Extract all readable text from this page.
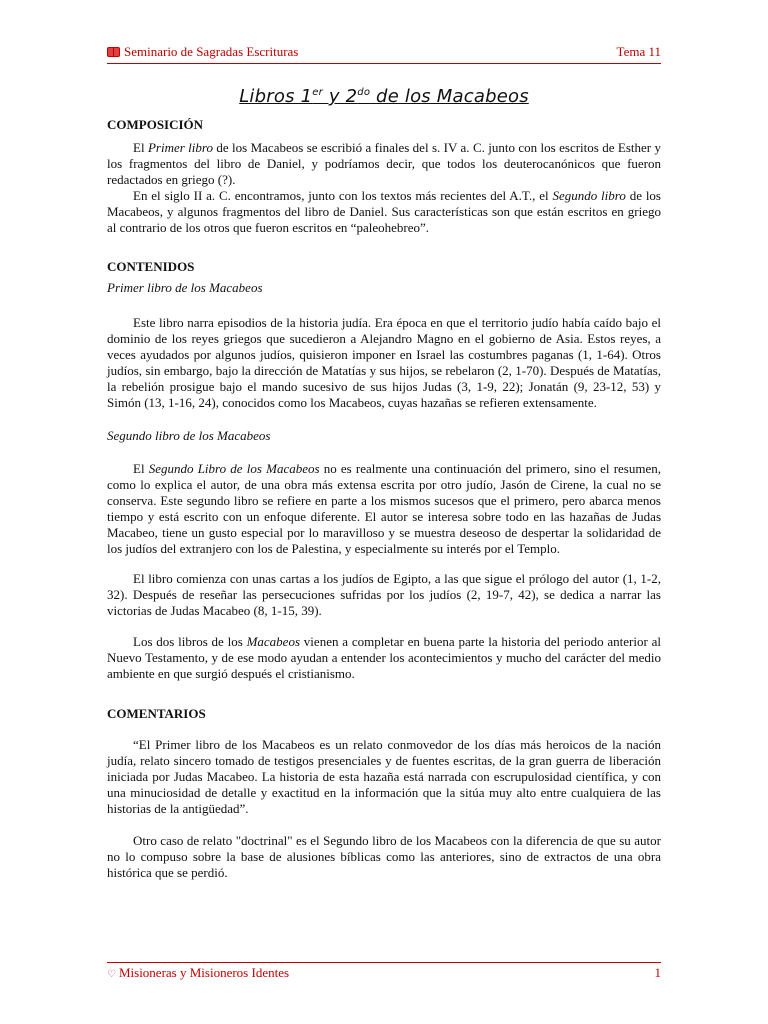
Seminario de Sagradas Escrituras	Tema 11
Libros 1er y $2^{do}$ de los Macabeos
COMPOSICIÓN

El Primer libro de los Macabeos se escribió a finales del s. IV a. C. junto con los escritos de Esther y los fragmentos del libro de Daniel, y podríamos decir, que todos los deuterocanónicos que fueron redactados en griego (?).

En el siglo II a. C. encontramos, junto con los textos más recientes del A.T., el Segundo libro de los Macabeos, y algunos fragmentos del libro de Daniel. Sus características son que están escritos en griego al contrario de los otros que fueron escritos en “paleohebreo”.

CONTENIDOS
Primer libro de los Macabeos

Este libro narra episodios de la historia judía. Era época en que el territorio judío había caído bajo el dominio de los reyes griegos que sucedieron a Alejandro Magno en el gobierno de Asia. Estos reyes, a veces ayudados por algunos judíos, quisieron imponer en Israel las costumbres paganas (1, 1-64). Otros judíos, sin embargo, bajo la dirección de Matatías y sus hijos, se rebelaron (2, 1-70). Después de Matatías, la rebelión prosigue bajo el mando sucesivo de sus hijos Judas (3, 1-9, 22); Jonatán (9, 23-12, 53) y Simón (13, 1-16, 24), conocidos como los Macabeos, cuyas hazañas se refieren extensamente.

Segundo libro de los Macabeos

El Segundo Libro de los Macabeos no es realmente una continuación del primero, sino el resumen, como lo explica el autor, de una obra más extensa escrita por otro judío, Jasón de Cirene, la cual no se conserva. Este segundo libro se refiere en parte a los mismos sucesos que el primero, pero abarca menos tiempo y está escrito con un enfoque diferente. El autor se interesa sobre todo en las hazañas de Judas Macabeo, tiene un gusto especial por lo maravilloso y se muestra deseoso de despertar la solidaridad de los judíos del extranjero con los de Palestina, y especialmente su interés por el Templo.

El libro comienza con unas cartas a los judíos de Egipto, a las que sigue el prólogo del autor (1, 1-2, 32). Después de reseñar las persecuciones sufridas por los judíos (2, 19-7, 42), se dedica a narrar las victorias de Judas Macabeo (8, 1-15, 39).

Los dos libros de los Macabeos vienen a completar en buena parte la historia del periodo anterior al Nuevo Testamento, y de ese modo ayudan a entender los acontecimientos y mucho del carácter del medio ambiente en que surgió después el cristianismo.

COMENTARIOS

“El Primer libro de los Macabeos es un relato conmovedor de los días más heroicos de la nación judía, relato sincero tomado de testigos presenciales y de fuentes escritas, de la gran guerra de liberación iniciada por Judas Macabeo. La historia de esta hazaña está narrada con escrupulosidad científica, y con una minuciosidad de detalle y exactitud en la información que la sitúa muy alto entre cualquiera de las historias de la antigüedad”.

Otro caso de relato "doctrinal" es el Segundo libro de los Macabeos con la diferencia de que su autor no lo compuso sobre la base de alusiones bíblicas como las anteriores, sino de extractos de una obra histórica que se perdió.

♡ Misioneras y Misioneros Identes	1
